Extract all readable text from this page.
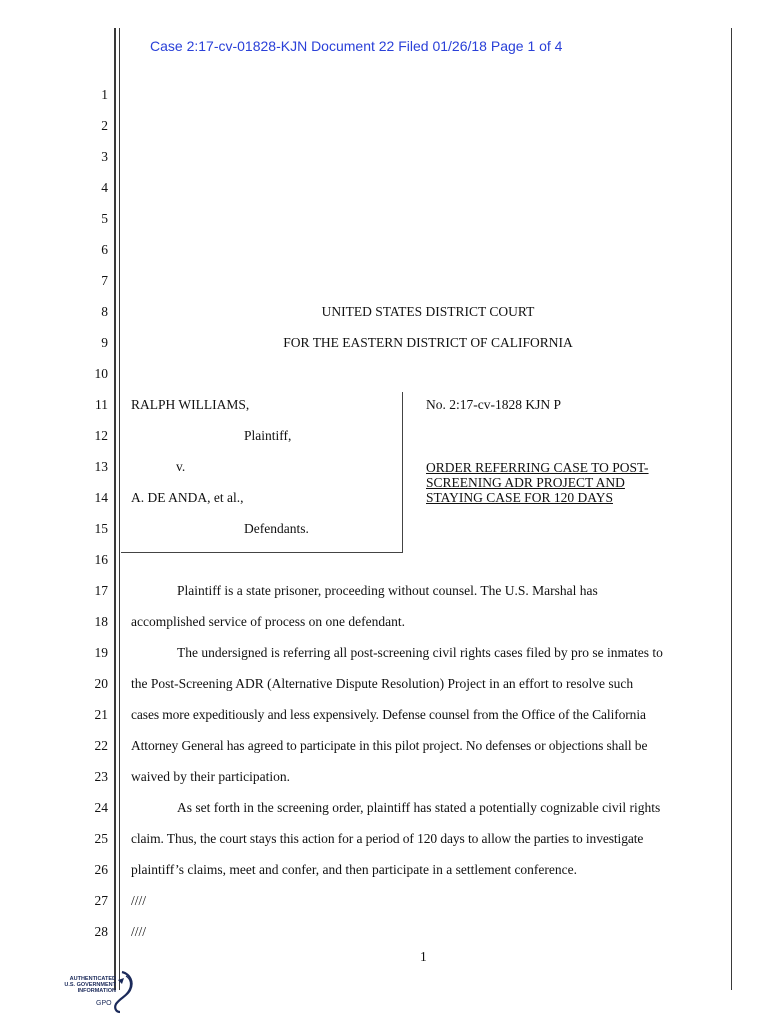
Case 2:17-cv-01828-KJN Document 22 Filed 01/26/18 Page 1 of 4
1
2
3
4
5
6
7
8
9
10
11
12
13
14
15
16
17
18
19
20
21
22
23
24
25
26
27
28
UNITED STATES DISTRICT COURT
FOR THE EASTERN DISTRICT OF CALIFORNIA
RALPH WILLIAMS,
Plaintiff,
v.
A. DE ANDA, et al.,
Defendants.
No. 2:17-cv-1828 KJN P
ORDER REFERRING CASE TO POST-
SCREENING ADR PROJECT AND
STAYING CASE FOR 120 DAYS
Plaintiff is a state prisoner, proceeding without counsel. The U.S. Marshal has
accomplished service of process on one defendant.
The undersigned is referring all post-screening civil rights cases filed by pro se inmates to
the Post-Screening ADR (Alternative Dispute Resolution) Project in an effort to resolve such
cases more expeditiously and less expensively. Defense counsel from the Office of the California
Attorney General has agreed to participate in this pilot project. No defenses or objections shall be
waived by their participation.
As set forth in the screening order, plaintiff has stated a potentially cognizable civil rights
claim. Thus, the court stays this action for a period of 120 days to allow the parties to investigate
plaintiff’s claims, meet and confer, and then participate in a settlement conference.
////
////
1
AUTHENTICATED
U.S. GOVERNMENT
INFORMATION
GPO
